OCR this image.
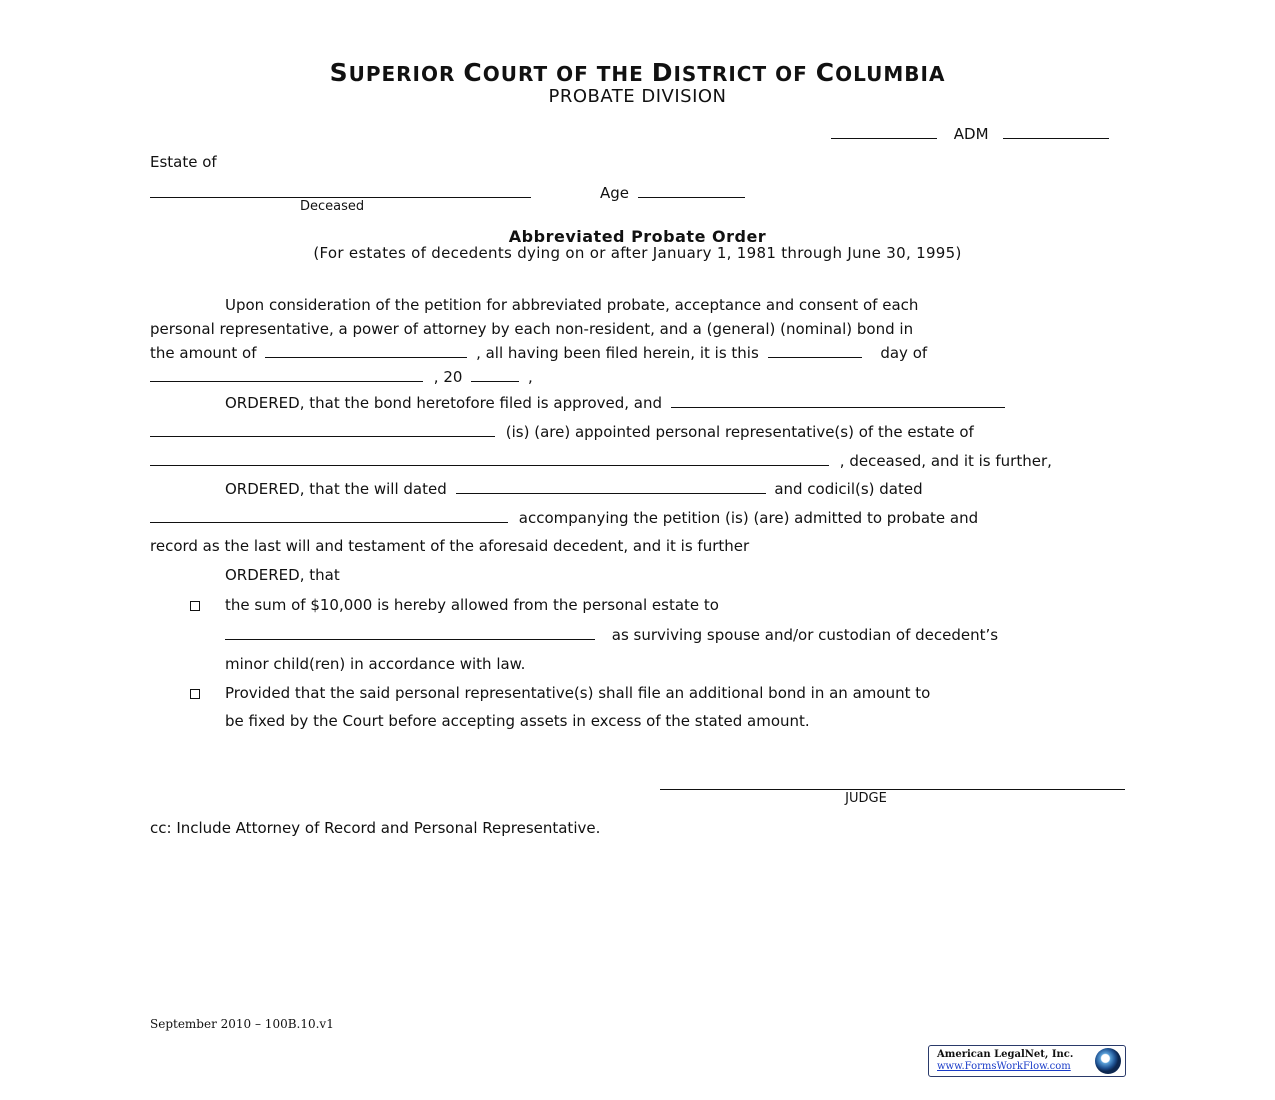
SUPERIOR COURT OF THE DISTRICT OF COLUMBIA
PROBATE DIVISION
ADM
Estate of
Deceased
Age
Abbreviated Probate Order
(For estates of decedents dying on or after January 1, 1981 through June 30, 1995)
Upon consideration of the petition for abbreviated probate, acceptance and consent of each
personal representative, a power of attorney by each non-resident, and a (general) (nominal) bond in
the amount of	, all having been filed herein, it is this	day of
, 20	,
ORDERED, that the bond heretofore filed is approved, and
(is) (are) appointed personal representative(s) of the estate of
, deceased, and it is further,
ORDERED, that the will dated	and codicil(s) dated
accompanying the petition (is) (are) admitted to probate and
record as the last will and testament of the aforesaid decedent, and it is further
ORDERED, that
the sum of $10,000 is hereby allowed from the personal estate to
as surviving spouse and/or custodian of decedent’s
minor child(ren) in accordance with law.
Provided that the said personal representative(s) shall file an additional bond in an amount to
be fixed by the Court before accepting assets in excess of the stated amount.
JUDGE
cc: Include Attorney of Record and Personal Representative.
September 2010 – 100B.10.v1
American LegalNet, Inc.
www.FormsWorkFlow.com
